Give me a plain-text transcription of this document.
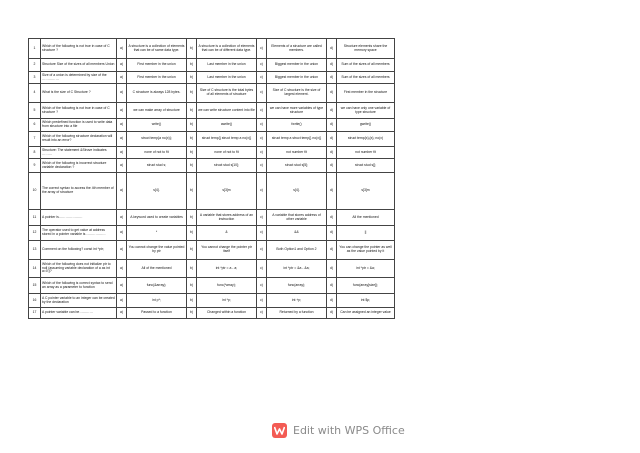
1	Which of the following is not true in case of C structure ?	a)	A structure is a collection of elements that can be of same data type.	b)	A structure is a collection of elements that can be of different data type.	c)	Elements of a structure are called members.	d)	Structure elements share the memory space
2	Structure Size of the sizes of all members Union	a)	First member in the union	b)	Last member in the union	c)	Biggest member in the union	d)	Sum of the sizes of all members
3	Size of a union is determined by size of the ……………	a)	First member in the union	b)	Last member in the union	c)	Biggest member in the union	d)	Sum of the sizes of all members
4	What is the size of C Structure ?	a)	C structure is always 128 bytes.	b)	Size of C structure is the total bytes of all elements of structure	c)	Size of C structure is the size of largest element.	d)	First member in the structure
5	Which of the following is not true in case of C structure ?	a)	we can make array of structure	b)	we can write structure content into file	c)	we can have more variables of type structure	d)	we can have only one variable of type structure
6	Which predefined function is used to write data from structure into a file	a)	write()	b)	awrite()	c)	fwrite()	d)	gwrite()
7	Which of the following structure declaration will result into an error?	a)	struct temp{a no(x)};	b)	struct temp{} struct temp a no(x)}	c)	struct temp a struct temp{} no(x)}	d)	struct temp{x};{x}; no(x)
8	Structure: The statement &Struve indicates ………	a)	none of not to fit	b)	none of not to fit	c)	not number fit	d)	not number fit
9	Which of the following is incorrect structure variable declaration ?	a)	struct stud s;	b)	struct stud s[10];	c)	struct stud s[5];	d)	struct stud s[];
10	The correct syntax to access the 4th member of the array of structure	a)	s[4].	b)	s[3]m	c)	s[4].	d)	s[3]m
11	A pointer is…………………	a)	A keyword used to create variables	b)	A variable that stores address of an instruction	c)	A variable that stores address of other variable	d)	All the mentioned
12	The operator used to get value at address stored in a pointer variable is………………	a)	*	b)	&	c)	&&	d)	||
13	Comment on the following? const int *ptr;	a)	You cannot change the value pointed by ptr	b)	You cannot change the pointer ptr itself	c)	Both Option1 and Option 2	d)	You can change the pointer as well as the value pointed by it
14	Which of the following does not initialize ptr to null (assuming variable declaration of a as int a=0;)?	a)	All of the mentioned	b)	int *ptr = a - a;	c)	int *ptr = &a - &a;	d)	int *ptr = &a;
15	Which of the following is correct syntax to send an array as a parameter to function	a)	func(&array);	b)	func(*array);	c)	func(array);	d)	func(array[size]);
16	A C pointer variable to an integer can be created by the declaration	a)	int p*;	b)	int *p;	c)	int +p;	d)	int $p;
17	A pointer variable can be…………	a)	Passed to a function	b)	Changed within a function	c)	Returned by a function	d)	Can be assigned an integer value
Edit with WPS Office
